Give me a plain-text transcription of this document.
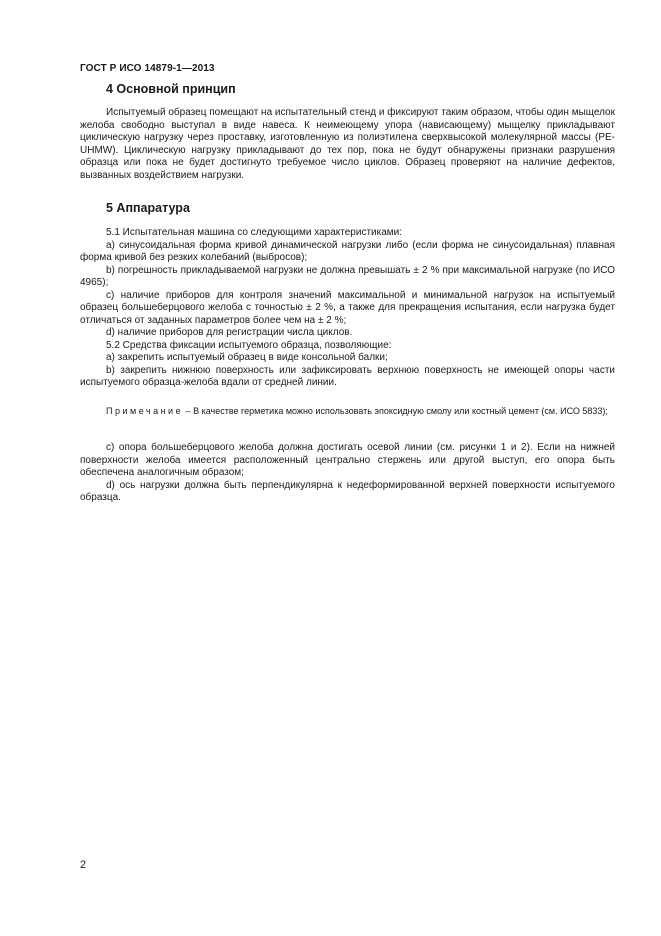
ГОСТ Р ИСО 14879-1—2013
4 Основной принцип

Испытуемый образец помещают на испытательный стенд и фиксируют таким образом, чтобы один мыщелок желоба свободно выступал в виде навеса. К неимеющему упора (нависающему) мыщелку прикладывают циклическую нагрузку через проставку, изготовленную из полиэтилена сверхвысокой молекулярной массы (PE-UHMW). Циклическую нагрузку прикладывают до тех пор, пока не будут обнаружены признаки разрушения образца или пока не будет достигнуто требуемое число циклов. Образец проверяют на наличие дефектов, вызванных воздействием нагрузки.

5 Аппаратура

5.1 Испытательная машина со следующими характеристиками:

а) синусоидальная форма кривой динамической нагрузки либо (если форма не синусоидальная) плавная форма кривой без резких колебаний (выбросов);

b) погрешность прикладываемой нагрузки не должна превышать ± 2 % при максимальной нагрузке (по ИСО 4965);

c) наличие приборов для контроля значений максимальной и минимальной нагрузок на испытуемый образец большеберцового желоба с точностью ± 2 %, а также для прекращения испытания, если нагрузка будет отличаться от заданных параметров более чем на ± 2 %;

d) наличие приборов для регистрации числа циклов.

5.2 Средства фиксации испытуемого образца, позволяющие:

а) закрепить испытуемый образец в виде консольной балки;

b) закрепить нижнюю поверхность или зафиксировать верхнюю поверхность не имеющей опоры части испытуемого образца-желоба вдали от средней линии.

Примечание – В качестве герметика можно использовать эпоксидную смолу или костный цемент (см. ИСО 5833);

c) опора большеберцового желоба должна достигать осевой линии (см. рисунки 1 и 2). Если на нижней поверхности желоба имеется расположенный центрально стержень или другой выступ, его опора быть обеспечена аналогичным образом;

d) ось нагрузки должна быть перпендикулярна к недеформированной верхней поверхности испытуемого образца.

2
